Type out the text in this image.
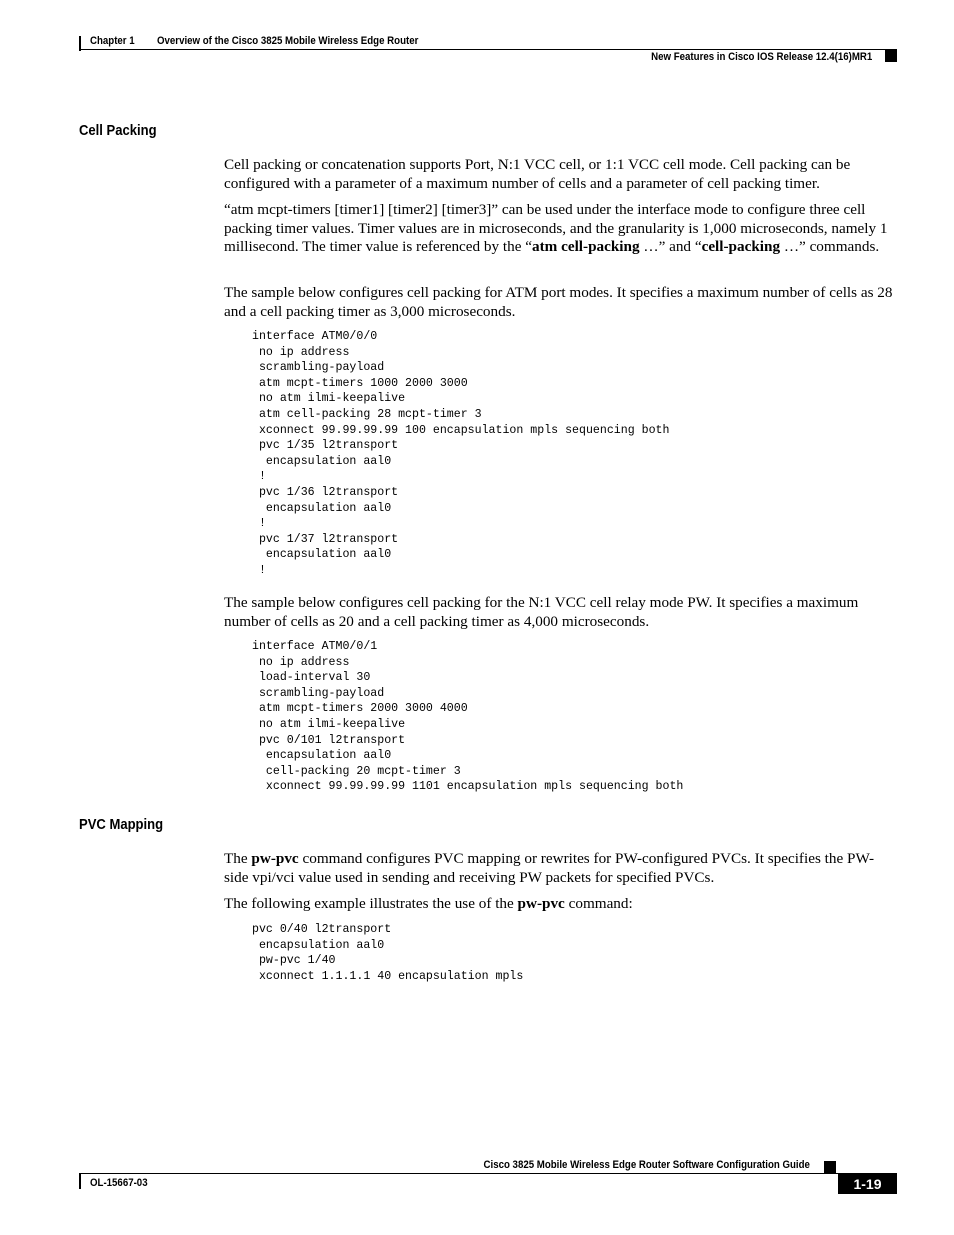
Chapter 1 Overview of the Cisco 3825 Mobile Wireless Edge Router
New Features in Cisco IOS Release 12.4(16)MR1
Cell Packing

Cell packing or concatenation supports Port, N:1 VCC cell, or 1:1 VCC cell mode. Cell packing can be configured with a parameter of a maximum number of cells and a parameter of cell packing timer.

“atm mcpt-timers [timer1] [timer2] [timer3]” can be used under the interface mode to configure three cell packing timer values. Timer values are in microseconds, and the granularity is 1,000 microseconds, namely 1 millisecond. The timer value is referenced by the “atm cell-packing …” and “cell-packing …” commands.

The sample below configures cell packing for ATM port modes. It specifies a maximum number of cells as 28 and a cell packing timer as 3,000 microseconds.

interface ATM0/0/0
no ip address
scrambling-payload
atm mcpt-timers 1000 2000 3000
no atm ilmi-keepalive
atm cell-packing 28 mcpt-timer 3
xconnect 99.99.99.99 100 encapsulation mpls sequencing both
pvc 1/35 l2transport
encapsulation aal0
!
pvc 1/36 l2transport
encapsulation aal0
!
pvc 1/37 l2transport
encapsulation aal0
!

The sample below configures cell packing for the N:1 VCC cell relay mode PW. It specifies a maximum number of cells as 20 and a cell packing timer as 4,000 microseconds.

interface ATM0/0/1
no ip address
load-interval 30
scrambling-payload
atm mcpt-timers 2000 3000 4000
no atm ilmi-keepalive
pvc 0/101 l2transport
encapsulation aal0
cell-packing 20 mcpt-timer 3
xconnect 99.99.99.99 1101 encapsulation mpls sequencing both
PVC Mapping

The pw-pvc command configures PVC mapping or rewrites for PW-configured PVCs. It specifies the PW-side vpi/vci value used in sending and receiving PW packets for specified PVCs.

The following example illustrates the use of the pw-pvc command:

pvc 0/40 l2transport
encapsulation aal0
pw-pvc 1/40
xconnect 1.1.1.1 40 encapsulation mpls
Cisco 3825 Mobile Wireless Edge Router Software Configuration Guide
OL-15667-03	1-19
